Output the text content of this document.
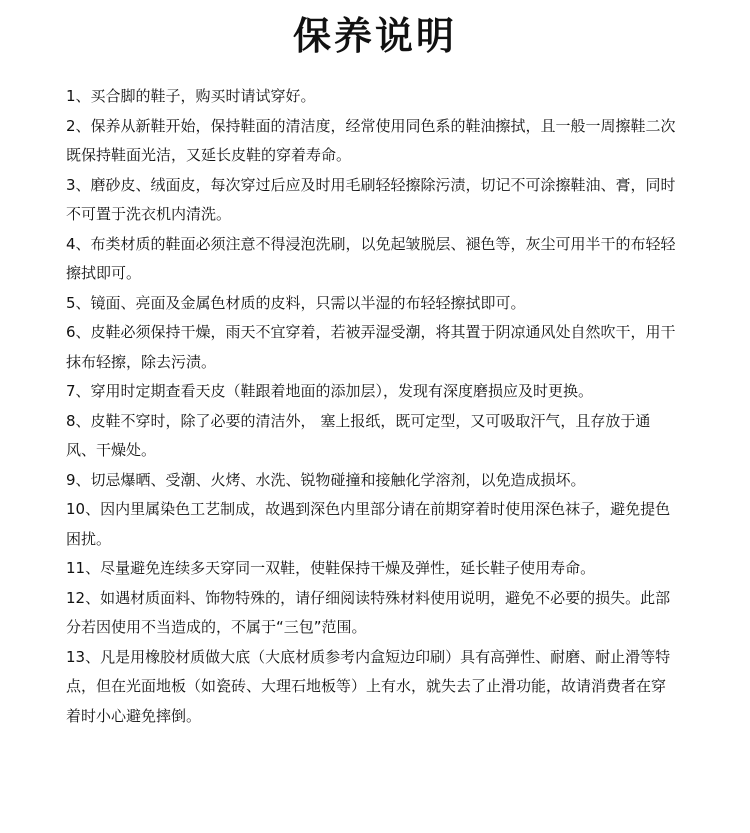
保养说明

1、买合脚的鞋子，购买时请试穿好。

2、保养从新鞋开始，保持鞋面的清洁度，经常使用同色系的鞋油擦拭，且一般一周擦鞋二次既保持鞋面光洁，又延长皮鞋的穿着寿命。

3、磨砂皮、绒面皮，每次穿过后应及时用毛刷轻轻擦除污渍，切记不可涂擦鞋油、膏，同时不可置于洗衣机内清洗。

4、布类材质的鞋面必须注意不得浸泡洗刷，以免起皱脱层、褪色等，灰尘可用半干的布轻轻擦拭即可。

5、镜面、亮面及金属色材质的皮料，只需以半湿的布轻轻擦拭即可。

6、皮鞋必须保持干燥，雨天不宜穿着，若被弄湿受潮，将其置于阴凉通风处自然吹干，用干抹布轻擦，除去污渍。

7、穿用时定期查看天皮（鞋跟着地面的添加层），发现有深度磨损应及时更换。

8、皮鞋不穿时，除了必要的清洁外， 塞上报纸，既可定型，又可吸取汗气，且存放于通风、干燥处。

9、切忌爆晒、受潮、火烤、水洗、锐物碰撞和接触化学溶剂，以免造成损坏。

10、因内里属染色工艺制成，故遇到深色内里部分请在前期穿着时使用深色袜子，避免提色困扰。

11、尽量避免连续多天穿同一双鞋，使鞋保持干燥及弹性，延长鞋子使用寿命。

12、如遇材质面料、饰物特殊的，请仔细阅读特殊材料使用说明，避免不必要的损失。此部分若因使用不当造成的，不属于“三包”范围。

13、凡是用橡胶材质做大底（大底材质参考内盒短边印刷）具有高弹性、耐磨、耐止滑等特点，但在光面地板（如瓷砖、大理石地板等）上有水，就失去了止滑功能，故请消费者在穿着时小心避免摔倒。
